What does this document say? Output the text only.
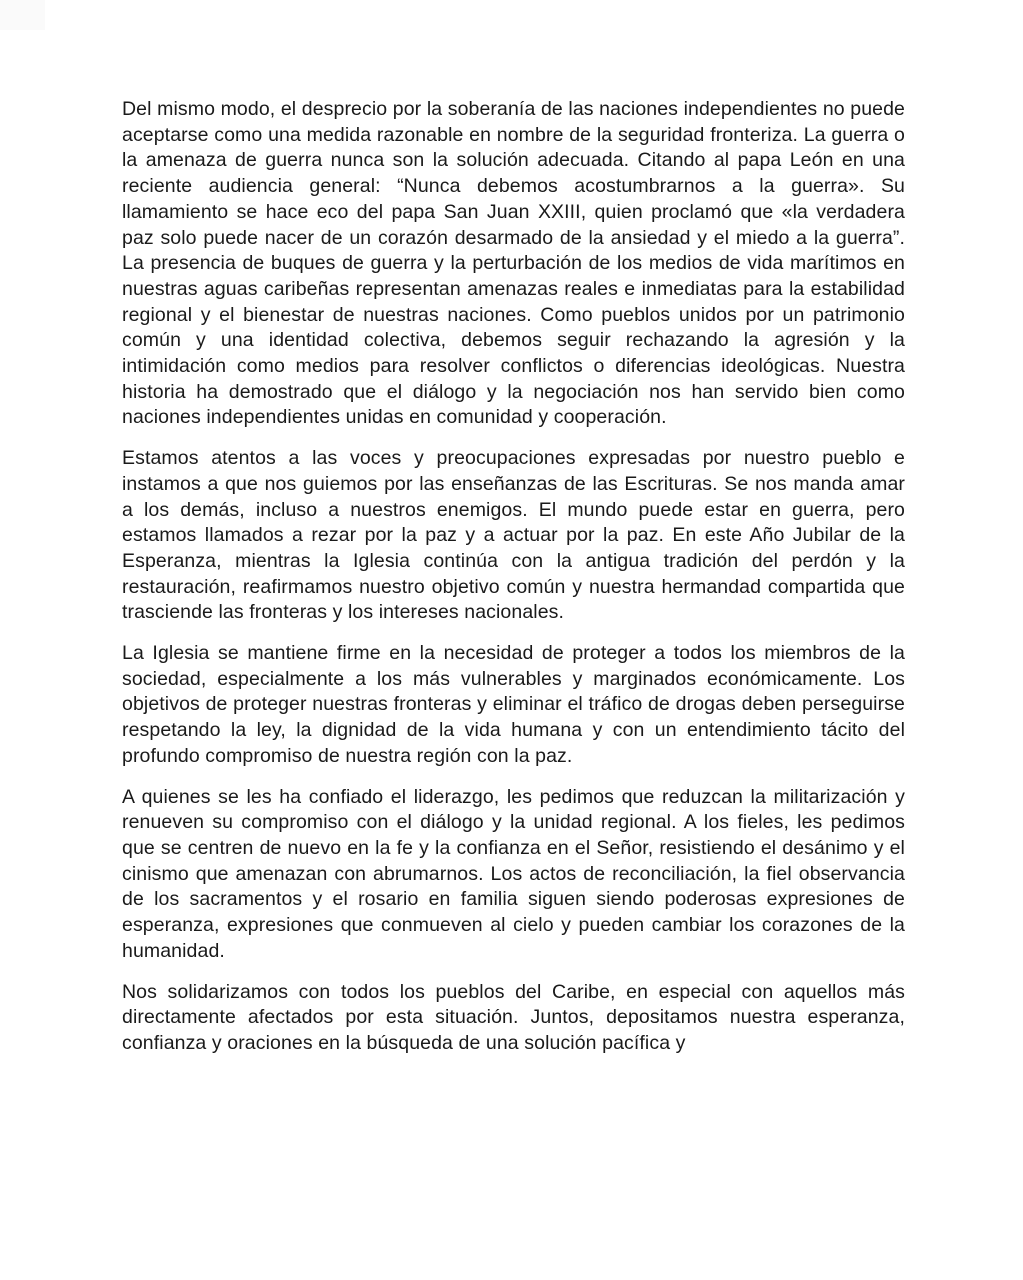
Del mismo modo, el desprecio por la soberanía de las naciones independientes no puede aceptarse como una medida razonable en nombre de la seguridad fronteriza. La guerra o la amenaza de guerra nunca son la solución adecuada. Citando al papa León en una reciente audiencia general: “Nunca debemos acostumbrarnos a la guerra». Su llamamiento se hace eco del papa San Juan XXIII, quien proclamó que «la verdadera paz solo puede nacer de un corazón desarmado de la ansiedad y el miedo a la guerra”. La presencia de buques de guerra y la perturbación de los medios de vida marítimos en nuestras aguas caribeñas representan amenazas reales e inmediatas para la estabilidad regional y el bienestar de nuestras naciones. Como pueblos unidos por un patrimonio común y una identidad colectiva, debemos seguir rechazando la agresión y la intimidación como medios para resolver conflictos o diferencias ideológicas. Nuestra historia ha demostrado que el diálogo y la negociación nos han servido bien como naciones independientes unidas en comunidad y cooperación.

Estamos atentos a las voces y preocupaciones expresadas por nuestro pueblo e instamos a que nos guiemos por las enseñanzas de las Escrituras. Se nos manda amar a los demás, incluso a nuestros enemigos. El mundo puede estar en guerra, pero estamos llamados a rezar por la paz y a actuar por la paz. En este Año Jubilar de la Esperanza, mientras la Iglesia continúa con la antigua tradición del perdón y la restauración, reafirmamos nuestro objetivo común y nuestra hermandad compartida que trasciende las fronteras y los intereses nacionales.

La Iglesia se mantiene firme en la necesidad de proteger a todos los miembros de la sociedad, especialmente a los más vulnerables y marginados económicamente. Los objetivos de proteger nuestras fronteras y eliminar el tráfico de drogas deben perseguirse respetando la ley, la dignidad de la vida humana y con un entendimiento tácito del profundo compromiso de nuestra región con la paz.

A quienes se les ha confiado el liderazgo, les pedimos que reduzcan la militarización y renueven su compromiso con el diálogo y la unidad regional. A los fieles, les pedimos que se centren de nuevo en la fe y la confianza en el Señor, resistiendo el desánimo y el cinismo que amenazan con abrumarnos. Los actos de reconciliación, la fiel observancia de los sacramentos y el rosario en familia siguen siendo poderosas expresiones de esperanza, expresiones que conmueven al cielo y pueden cambiar los corazones de la humanidad.

Nos solidarizamos con todos los pueblos del Caribe, en especial con aquellos más directamente afectados por esta situación. Juntos, depositamos nuestra esperanza, confianza y oraciones en la búsqueda de una solución pacífica y
